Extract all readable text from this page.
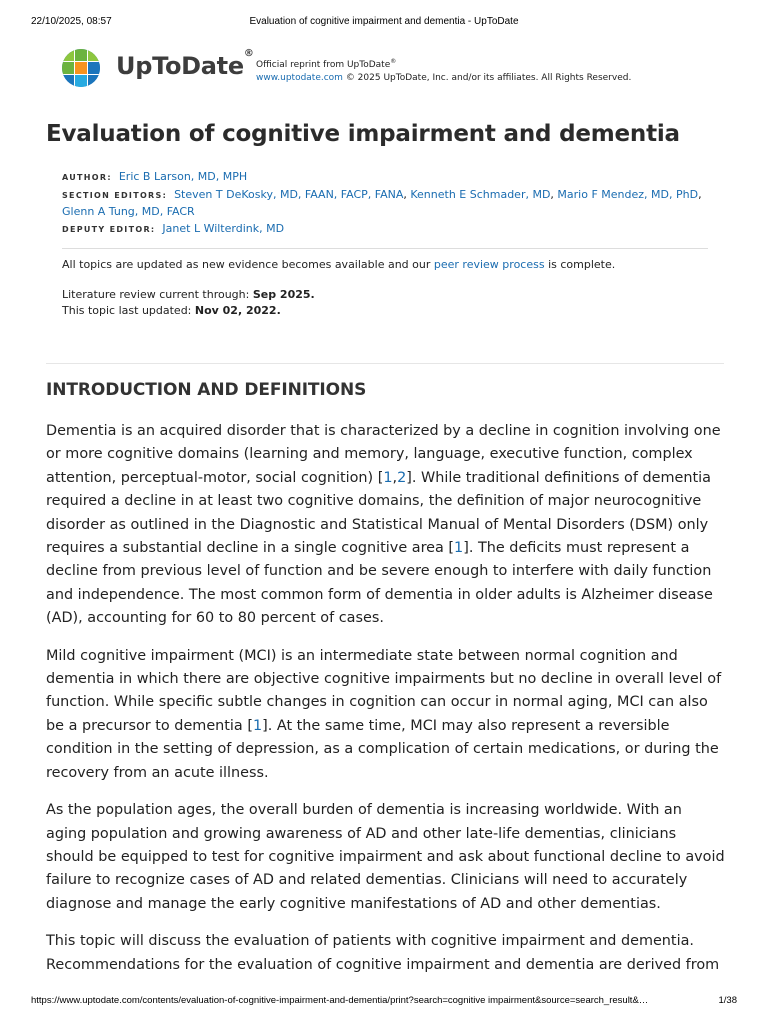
22/10/2025, 08:57	Evaluation of cognitive impairment and dementia - UpToDate
UpToDate®
Official reprint from UpToDate®
www.uptodate.com © 2025 UpToDate, Inc. and/or its affiliates. All Rights Reserved.
Evaluation of cognitive impairment and dementia
AUTHOR : Eric B Larson, MD, MPH
SECTION EDITORS : Steven T DeKosky, MD, FAAN, FACP, FANA, Kenneth E Schmader, MD, Mario F Mendez, MD, PhD,
Glenn A Tung, MD, FACR
DEPUTY EDITOR : Janet L Wilterdink, MD
All topics are updated as new evidence becomes available and our peer review process is complete.
Literature review current through: Sep 2025.
This topic last updated: Nov 02, 2022.
INTRODUCTION AND DEFINITIONS

Dementia is an acquired disorder that is characterized by a decline in cognition involving one or more cognitive domains (learning and memory, language, executive function, complex attention, perceptual-motor, social cognition) [1,2]. While traditional definitions of dementia required a decline in at least two cognitive domains, the definition of major neurocognitive disorder as outlined in the Diagnostic and Statistical Manual of Mental Disorders (DSM) only requires a substantial decline in a single cognitive area [1]. The deficits must represent a decline from previous level of function and be severe enough to interfere with daily function and independence. The most common form of dementia in older adults is Alzheimer disease (AD), accounting for 60 to 80 percent of cases.

Mild cognitive impairment (MCI) is an intermediate state between normal cognition and dementia in which there are objective cognitive impairments but no decline in overall level of function. While specific subtle changes in cognition can occur in normal aging, MCI can also be a precursor to dementia [1]. At the same time, MCI may also represent a reversible condition in the setting of depression, as a complication of certain medications, or during the recovery from an acute illness.

As the population ages, the overall burden of dementia is increasing worldwide. With an aging population and growing awareness of AD and other late-life dementias, clinicians should be equipped to test for cognitive impairment and ask about functional decline to avoid failure to recognize cases of AD and related dementias. Clinicians will need to accurately diagnose and manage the early cognitive manifestations of AD and other dementias.

This topic will discuss the evaluation of patients with cognitive impairment and dementia. Recommendations for the evaluation of cognitive impairment and dementia are derived from

https://www.uptodate.com/contents/evaluation-of-cognitive-impairment-and-dementia/print?search=cognitive impairment&source=search_result&…	1/38
